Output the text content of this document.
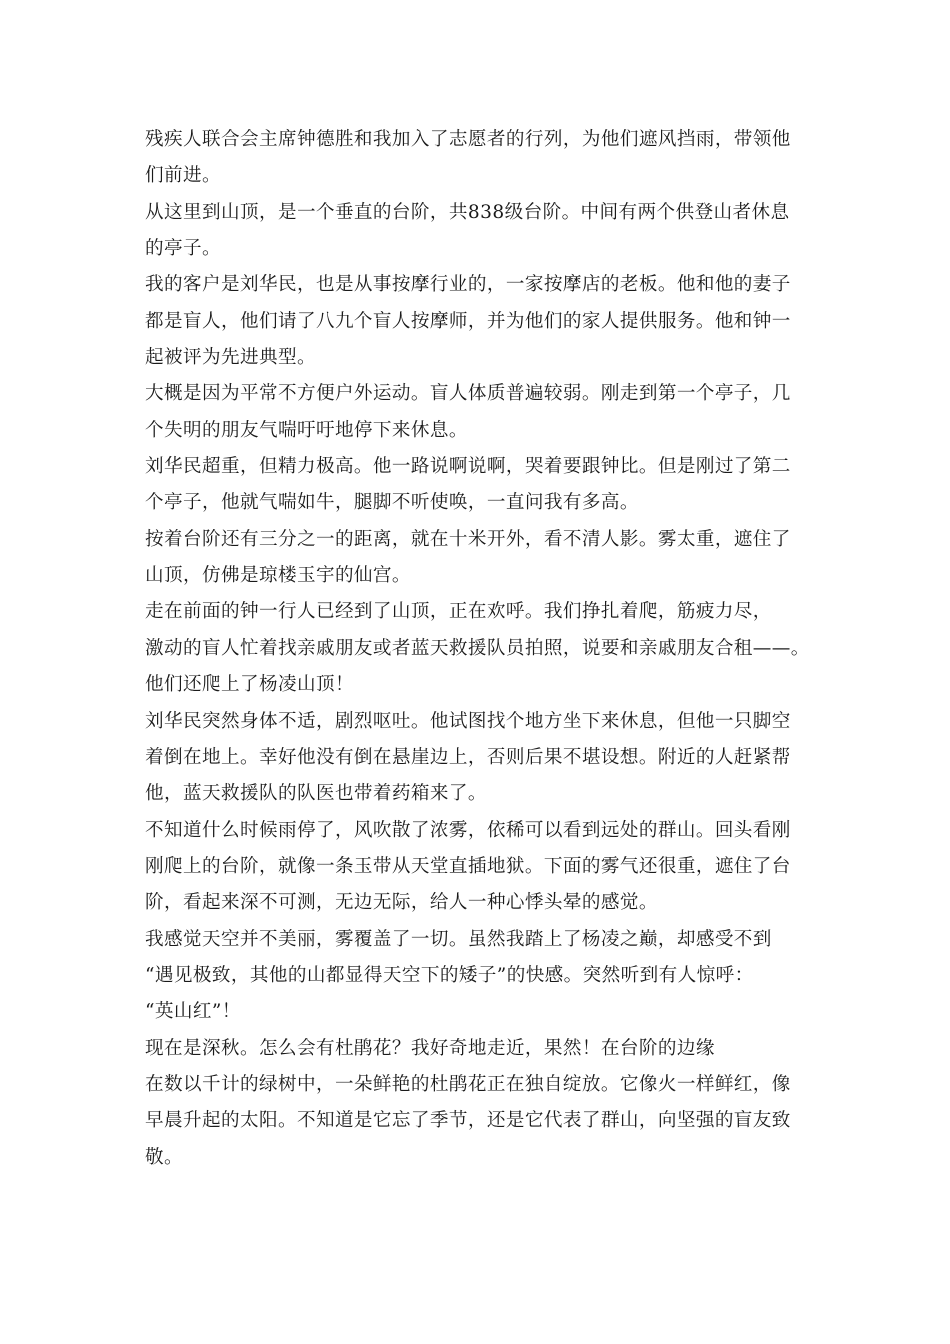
残疾人联合会主席钟德胜和我加入了志愿者的行列，为他们遮风挡雨，带领他
们前进。
从这里到山顶，是一个垂直的台阶，共838级台阶。中间有两个供登山者休息
的亭子。
我的客户是刘华民，也是从事按摩行业的，一家按摩店的老板。他和他的妻子
都是盲人，他们请了八九个盲人按摩师，并为他们的家人提供服务。他和钟一
起被评为先进典型。
大概是因为平常不方便户外运动。盲人体质普遍较弱。刚走到第一个亭子，几
个失明的朋友气喘吁吁地停下来休息。
刘华民超重，但精力极高。他一路说啊说啊，哭着要跟钟比。但是刚过了第二
个亭子，他就气喘如牛，腿脚不听使唤，一直问我有多高。
按着台阶还有三分之一的距离，就在十米开外，看不清人影。雾太重，遮住了
山顶，仿佛是琼楼玉宇的仙宫。
走在前面的钟一行人已经到了山顶，正在欢呼。我们挣扎着爬，筋疲力尽，
激动的盲人忙着找亲戚朋友或者蓝天救援队员拍照，说要和亲戚朋友合租——。
他们还爬上了杨凌山顶！
刘华民突然身体不适，剧烈呕吐。他试图找个地方坐下来休息，但他一只脚空
着倒在地上。幸好他没有倒在悬崖边上，否则后果不堪设想。附近的人赶紧帮
他，蓝天救援队的队医也带着药箱来了。
不知道什么时候雨停了，风吹散了浓雾，依稀可以看到远处的群山。回头看刚
刚爬上的台阶，就像一条玉带从天堂直插地狱。下面的雾气还很重，遮住了台
阶，看起来深不可测，无边无际，给人一种心悸头晕的感觉。
我感觉天空并不美丽，雾覆盖了一切。虽然我踏上了杨凌之巅，却感受不到
“遇见极致，其他的山都显得天空下的矮子”的快感。突然听到有人惊呼：
“英山红”！
现在是深秋。怎么会有杜鹃花？我好奇地走近，果然！在台阶的边缘
在数以千计的绿树中，一朵鲜艳的杜鹃花正在独自绽放。它像火一样鲜红，像
早晨升起的太阳。不知道是它忘了季节，还是它代表了群山，向坚强的盲友致
敬。
